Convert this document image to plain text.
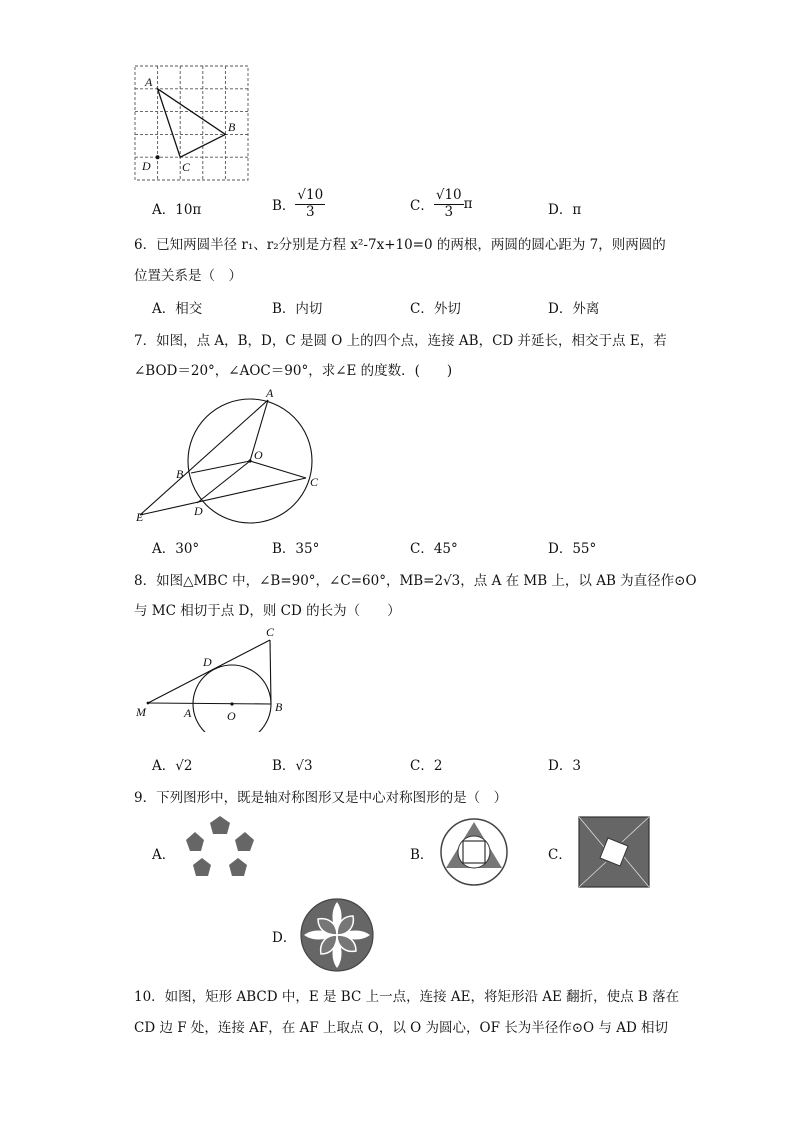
A
B
C
D
A．10π	B． $\frac{√10}{3}$	C． $\frac{√10}{3}$ π	D．π
6．已知两圆半径 r₁、r₂分别是方程 x²-7x+10=0 的两根，两圆的圆心距为 7，则两圆的
位置关系是（　）
A．相交	B．内切	C．外切	D．外离
7．如图，点 A，B，D，C 是圆 O 上的四个点，连接 AB，CD 并延长，相交于点 E，若
∠BOD＝20°，∠AOC＝90°，求∠E 的度数．(　　)
A
O
B
C
D
E
A．30°	B．35°	C．45°	D．55°
8．如图△MBC 中，∠B=90°，∠C=60°，MB=2√3，点 A 在 MB 上，以 AB 为直径作⊙O
与 MC 相切于点 D，则 CD 的长为（　　）
C
D
M	A	O
B
A．√2	B．√3	C．2	D．3
9．下列图形中，既是轴对称图形又是中心对称图形的是（　）
A．	B．	C．
D．
10．如图，矩形 ABCD 中，E 是 BC 上一点，连接 AE，将矩形沿 AE 翻折，使点 B 落在
CD 边 F 处，连接 AF，在 AF 上取点 O，以 O 为圆心，OF 长为半径作⊙O 与 AD 相切
